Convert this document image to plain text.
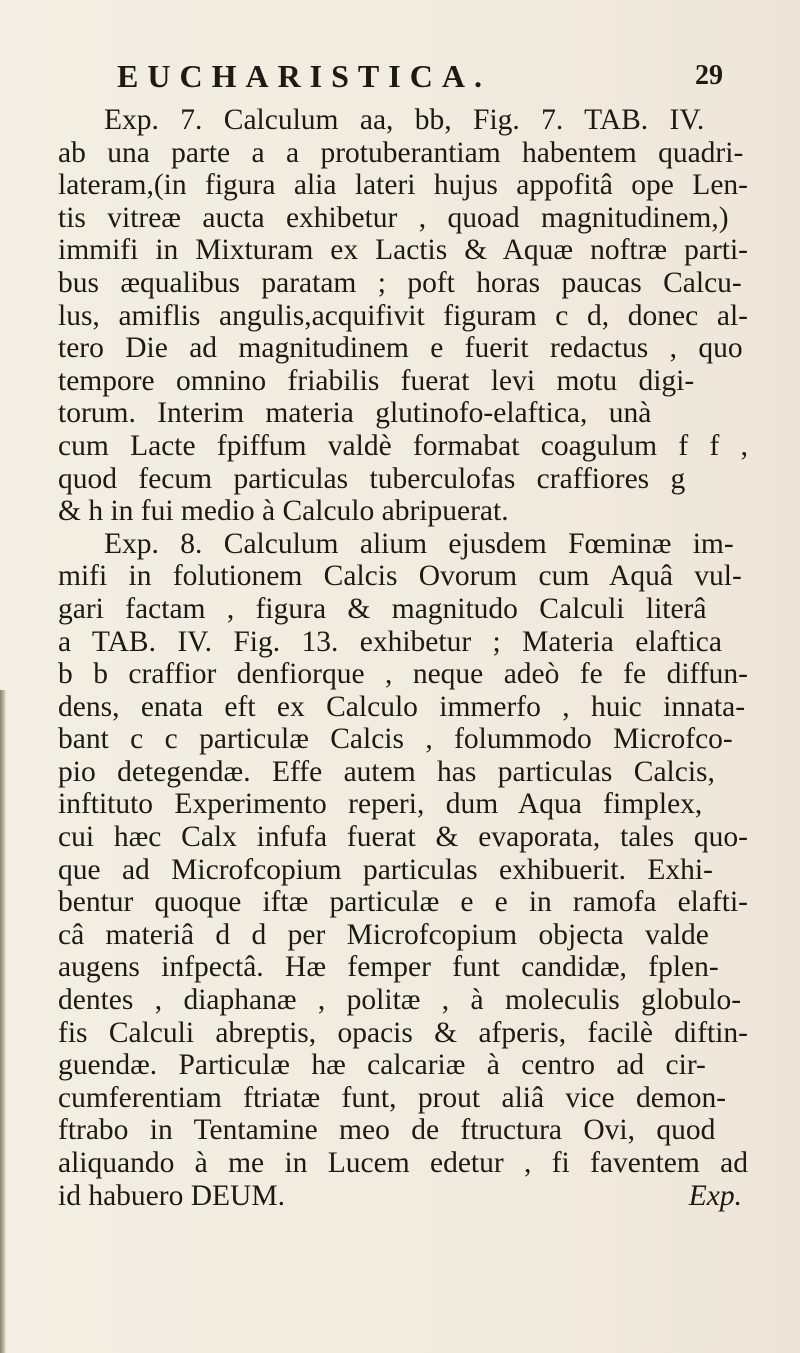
EUCHARISTICA.	29
Exp. 7. Calculum aa, bb, Fig. 7. TAB. IV.
ab una parte a a protuberantiam habentem quadri-
lateram,(in figura alia lateri hujus appofitâ ope Len-
tis vitreæ aucta exhibetur , quoad magnitudinem,)
immifi in Mixturam ex Lactis & Aquæ noftræ parti-
bus æqualibus paratam ; poft horas paucas Calcu-
lus, amiflis angulis,acquifivit figuram c d, donec al-
tero Die ad magnitudinem e fuerit redactus , quo
tempore omnino friabilis fuerat levi motu digi-
torum. Interim materia glutinofo-elaftica, unà
cum Lacte fpiffum valdè formabat coagulum f f ,
quod fecum particulas tuberculofas craffiores g
& h in fui medio à Calculo abripuerat.
Exp. 8. Calculum alium ejusdem Fœminæ im-
mifi in folutionem Calcis Ovorum cum Aquâ vul-
gari factam , figura & magnitudo Calculi literâ
a TAB. IV. Fig. 13. exhibetur ; Materia elaftica
b b craffior denfiorque , neque adeò fe fe diffun-
dens, enata eft ex Calculo immerfo , huic innata-
bant c c particulæ Calcis , folummodo Microfco-
pio detegendæ. Effe autem has particulas Calcis,
inftituto Experimento reperi, dum Aqua fimplex,
cui hæc Calx infufa fuerat & evaporata, tales quo-
que ad Microfcopium particulas exhibuerit. Exhi-
bentur quoque iftæ particulæ e e in ramofa elafti-
câ materiâ d d per Microfcopium objecta valde
augens infpectâ. Hæ femper funt candidæ, fplen-
dentes , diaphanæ , politæ , à moleculis globulo-
fis Calculi abreptis, opacis & afperis, facilè diftin-
guendæ. Particulæ hæ calcariæ à centro ad cir-
cumferentiam ftriatæ funt, prout aliâ vice demon-
ftrabo in Tentamine meo de ftructura Ovi, quod
aliquando à me in Lucem edetur , fi faventem ad
id habuero DEUM.	Exp.
